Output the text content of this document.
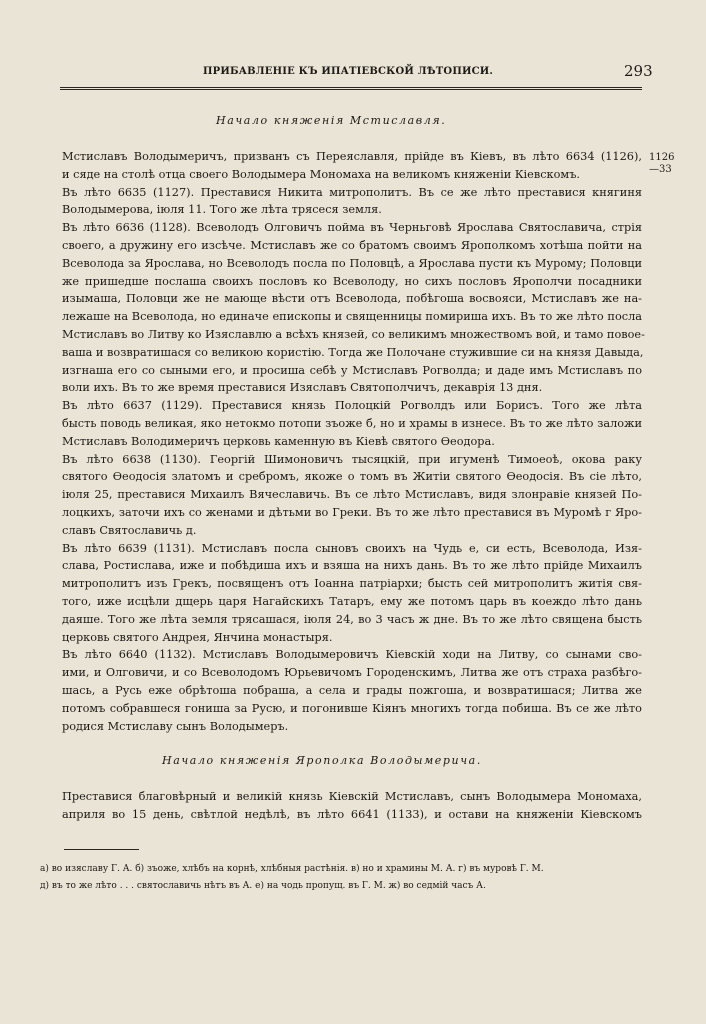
ПРИБАВЛЕНІЕ КЪ ИПАТІЕВСКОЙ ЛѢТОПИСИ.	293
Начало княженія Мстиславля.
1126
—33
Мстиславъ Володымеричъ, призванъ съ Переяславля, прійде въ Кіевъ, въ лѣто 6634 (1126),
и сяде на столѣ отца своего Володымера Мономаха на великомъ княженіи Кіевскомъ.
Въ лѣто 6635 (1127). Преставися Никита митрополитъ. Въ се же лѣто преставися княгиня
Володымерова, іюля 11. Того же лѣта трясеся земля.
Въ лѣто 6636 (1128). Всеволодъ Олговичъ пойма въ Черньговѣ Ярослава Святославича, стрія
своего, а дружину его изсѣче. Мстиславъ же со братомъ своимъ Ярополкомъ хотѣша пойти на
Всеволода за Ярослава, но Всеволодъ посла по Половцѣ, а Ярослава пусти къ Мурому; Половци
же пришедше послаша своихъ пословъ ко Всеволоду, но сихъ пословъ Ярополчи посадники
изымаша, Половци же не мающе вѣсти отъ Всеволода, побѣгоша восвояси, Мстиславъ же на-
лежаше на Всеволода, но единаче епископы и священницы помириша ихъ. Въ то же лѣто посла
Мстиславъ во Литву ко Изяславлю а всѣхъ князей, со великимъ множествомъ вой, и тамо повое-
ваша и возвратишася со великою користію. Тогда же Полочане стужившие си на князя Давыда,
изгнаша его со сыными его, и просиша себѣ у Мстиславъ Рогволда; и даде имъ Мстиславъ по
воли ихъ. Въ то же время преставися Изяславъ Святополчичъ, декаврія 13 дня.
Въ лѣто 6637 (1129). Преставися князь Полоцкій Рогволдъ или Борисъ. Того же лѣта
бысть поводь великая, яко нетокмо потопи зъоже б, но и храмы в изнесе. Въ то же лѣто заложи
Мстиславъ Володимеричъ церковь каменную въ Кіевѣ святого Ѳеодора.
Въ лѣто 6638 (1130). Георгій Шимоновичъ тысяцкій, при игуменѣ Тимоеоѣ, окова раку
святого Ѳеодосія златомъ и сребромъ, якоже о томъ въ Житіи святого Ѳеодосія. Въ сіе лѣто,
іюля 25, преставися Михаилъ Вячеславичь. Въ се лѣто Мстиславъ, видя злонравіе князей По-
лоцкихъ, заточи ихъ со женами и дѣтьми во Греки. Въ то же лѣто преставися въ Муромѣ г Яро-
славъ Святославичь д.
Въ лѣто 6639 (1131). Мстиславъ посла сыновъ своихъ на Чудь е, си есть, Всеволода, Изя-
слава, Ростислава, иже и побѣдиша ихъ и взяша на нихъ дань. Въ то же лѣто прійде Михаилъ
митрополитъ изъ Грекъ, посвященъ отъ Іоанна патріархи; бысть сей митрополитъ житія свя-
того, иже исцѣли дщерь царя Нагайскихъ Татаръ, ему же потомъ царь въ коеждо лѣто дань
даяше. Того же лѣта земля трясашася, іюля 24, во 3 часъ ж дне. Въ то же лѣто священа бысть
церковь святого Андрея, Янчина монастыря.
Въ лѣто 6640 (1132). Мстиславъ Володымеровичъ Кіевскій ходи на Литву, со сынами сво-
ими, и Олговичи, и со Всеволодомъ Юрьевичомъ Городенскимъ, Литва же отъ страха разбѣго-
шась, а Русь еже обрѣтоша побраша, а села и грады пожгоша, и возвратишася; Литва же
потомъ собравшеся гониша за Русю, и погонивше Кіянъ многихъ тогда побиша. Въ се же лѣто
родися Мстиславу сынъ Володымеръ.
Начало княженія Ярополка Володымерича.
Преставися благовѣрный и великій князь Кіевскій Мстиславъ, сынъ Володымера Мономаха,
априля во 15 день, свѣтлой недѣлѣ, въ лѣто 6641 (1133), и остави на княженіи Кіевскомъ
а) во изяславу Г. А. б) зъоже, хлѣбъ на корнѣ, хлѣбныя растѣнія. в) но и храмины М. А. г) въ муровѣ Г. М.
д) въ то же лѣто . . . святославичь нѣтъ въ А. е) на чодь пропущ. въ Г. М. ж) во седмій часъ А.
